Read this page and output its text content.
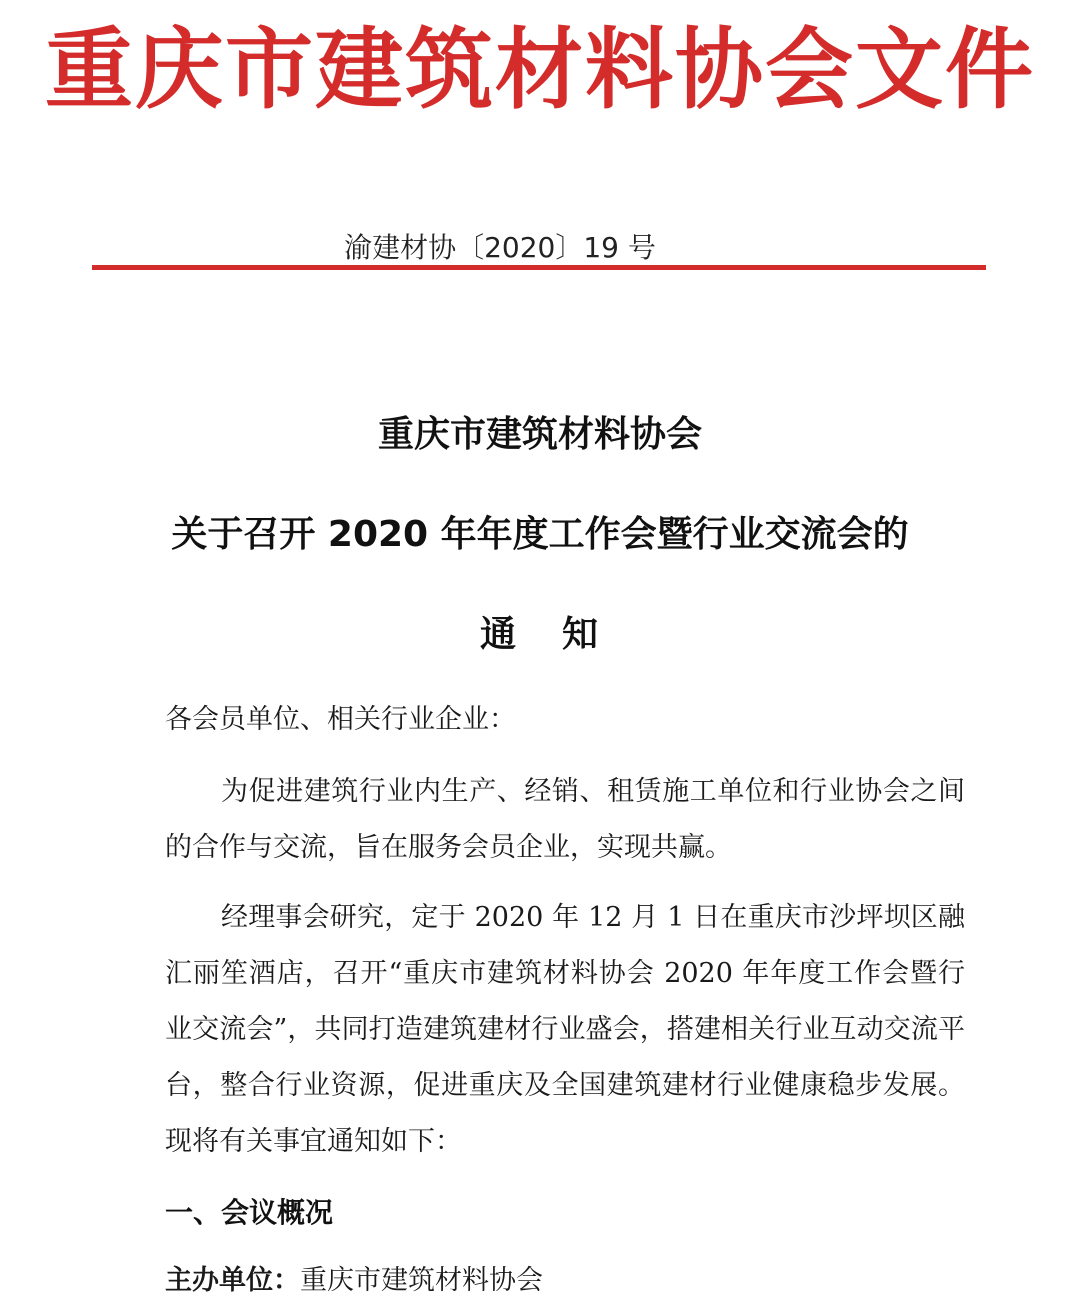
重庆市建筑材料协会文件
渝建材协〔2020〕19 号
重庆市建筑材料协会
关于召开 2020 年年度工作会暨行业交流会的
通 知
各会员单位、相关行业企业：
为促进建筑行业内生产、经销、租赁施工单位和行业协会之间的合作与交流，旨在服务会员企业，实现共赢。
经理事会研究，定于 2020 年 12 月 1 日在重庆市沙坪坝区融汇丽笙酒店，召开“重庆市建筑材料协会 2020 年年度工作会暨行业交流会”，共同打造建筑建材行业盛会，搭建相关行业互动交流平台，整合行业资源，促进重庆及全国建筑建材行业健康稳步发展。现将有关事宜通知如下：
一、会议概况
主办单位：重庆市建筑材料协会
